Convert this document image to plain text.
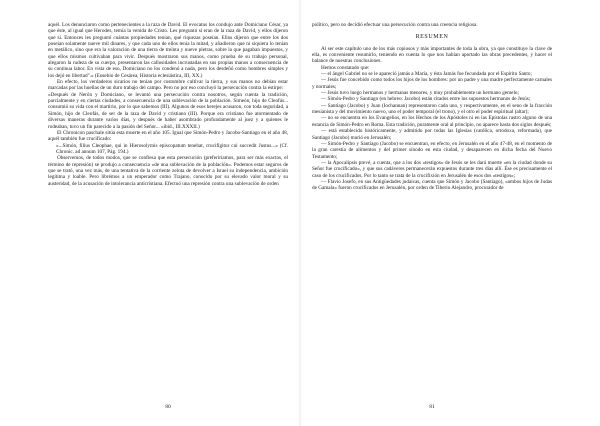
aquél. Los denunciaron como pertenecientes a la raza de David. El evocatus los condujo ante Domiciano César, ya que éste, al igual que Herodes, temía la venida de Cristo. Les preguntó si eran de la raza de David, y ellos dijeron que sí. Entonces les preguntó cuántas propiedades tenían, qué riquezas poseían. Ellos dijeron que entre los dos poseían solamente nueve mil dinares, y que cada uno de ellos tenía la mitad, y añadieron que ni siquiera lo tenían en metálico, sino que era la valoración de una tierra de treinta y nueve pletras, sobre la que pagaban impuestos, y que ellos mismos cultivaban para vivir. Después mostraron sus manos, como prueba de su trabajo personal, alegaron la rudeza de su cuerpo, presentaron las callosidades incrustadas en sus propias manos a consecuencia de su continua labor. En vista de eso, Domiciano no los condenó a nada, pero los desdeñó como hombres simples y los dejó en libertad".» (Eusebio de Cesárea, Historia eclesiástica, III, XX.)

En efecto, los verdaderos sicarios no tenían por costumbre cultivar la tierra, y sus manos no debían estar marcadas por las huellas de un duro trabajo del campo. Pero no por eso concluyó la persecución contra la estirpe:

«Después de Nerón y Domiciano, se levantó una persecución contra nosotros, según cuenta la tradición, parcialmente y en ciertas ciudades, a consecuencia de una sublevación de la población. Simeón, hijo de Cleofás... consumió su vida con el martirio, por lo que sabemos (III). Algunos de esos herejes acusaron, con toda seguridad, a Simón, hijo de Cleofás, de ser de la raza de David y cristiano (III). Porque era cristiano fue atormentado de diversas maneras durante varios días, y después de haber asombrado profundamente al juez y a quienes le rodeaban, tuvo un fin parecido a la pasión del Señor... «ibid., III.XXXII.)

El Chronicon paschale sitúa esta muerte en el año 105. Igual que Simón-Pedro y Jacobo-Santiago en el año 48, aquél también fue crucificado:

«...Simón, filius Cleophae, qui in Hierosolymis episcopatum tenebat, crucifigitur cui succedit Justus...» (Cf. Chronic. ad annum 107, Pág. 194.)

Observemos, de todos modos, que se confiesa que esta persecución (preferiríamos, para ser más exactos, el término de represión) se produjo a consecuencia «de una sublevación de la población». Podemos estar seguros de que se trató, una vez más, de una tentativa de la corriente zelota de devolver a Israel su independencia, ambición legítima y loable. Pero librémos a un emperador como Trajano, conocido por su elevado valor moral y su austeridad, de la acusación de intolerancia anticristiana. Efectuó una represión contra una sublevación de orden

político, pero no decidió efectuar una persecución contra una creencia religiosa.

RESUMEN

Al ser este capítulo uno de los más copiosos y más importantes de toda la obra, ya que constituye la clave de ella, es conveniente resumirlo, teniendo en cuenta lo que nos habían aportado las obras precedentes, y hacer el balance de nuestras conclusiones.

Hemos constatado que:

— el ángel Gabriel no se le apareció jamás a María, y ésta Jamás fue fecundada por el Espíritu Santo;

— Jesús fue concebido como todos los hijos de los hombres: por un padre y una madre perfectamente carnales y normales;

— Jesús tuvo luego hermanos y hermanas menores, y muy probablemente un hermano gemelo;

— Simón-Pedro y Santiago (en hebreo: Jacobo) están citados entre los supuestos hermanos de Jesús;

— Santiago (Jacobo) y Juan (Iochannan) representaron cada uno, y respectivamente, en el seno de la fracción mesianista y del movimiento nuevo, uno el poder temporal (el trono), y el otro el poder espiritual (altar);

— no se encuentra en los Evangelios, en los Hechos de los Apóstoles ni en las Epístolas rastro alguno de una estancia de Simón-Pedro en Roma. Esta tradición, puramente oral al principio, no aparece hasta dos siglos después;

— está establecido históricamente, y admitido por todas las Iglesias (católica, ortodoxa, reformada), que Santiago (Jacobo) murió en Jerusalén;

— Simón-Pedro y Santiago (Jacobo) se encuentran, en efecto, en Jerusalén en el año 47-48, en el momento de la gran carestía de alimentos y del primer sínodo en esta ciudad, y desaparecen en dicha fecha del Nuevo Testamento;

— la Apocalipsis prevé, a cuenta, que a los dos «testigos» de Jesús se les dará muerte «en la ciudad donde su Señor fue crucificado», y que sus cadáveres permanecerán expuestos durante tres días allí. Ése es precisamente el caso de los crucificados. Por lo tanto se trata de la crucifixión en Jerusalén de esos dos «testigos»;

— Flavio Josefo, en sus Antigüedades judaicas, cuenta que Simón y Jacobo (Santiago), «ambos hijos de Judas de Gamala» fueron crucificados en Jerusalén, por orden de Tiberio Alejandro, procurador de

80	81
